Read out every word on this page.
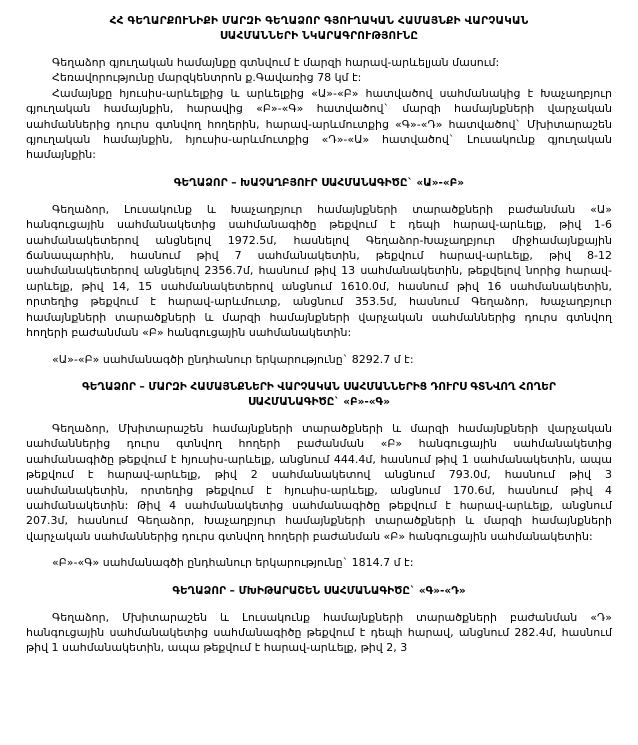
ՀՀ ԳԵՂԱՐՔՈՒՆԻՔԻ ՄԱՐԶԻ ԳԵՂԱՁՈՐ ԳՅՈՒՂԱԿԱՆ ՀԱՄԱՅՆՔԻ ՎԱՐՉԱԿԱՆ
ՍԱՀՄԱՆՆԵՐԻ ՆԿԱՐԱԳՐՈՒԹՅՈՒՆԸ

Գեղաձոր գյուղական համայնքը գտնվում է մարզի հարավ-արևելյան մասում:

Հեռավորությունը մարզկենտրոն ք.Գավառից 78 կմ է:

Համայնքը հյուսիս-արևելքից և արևելքից «Ա»-«Բ» հատվածով սահմանակից է Խաչաղբյուր գյուղական համայնքին, հարավից «Բ»-«Գ» հատվածով` մարզի համայնքների վարչական սահմաններից դուրս գտնվող հողերին, հարավ-արևմուտքից «Գ»-«Դ» հատվածով` Մխիտարաշեն գյուղական համայնքին, հյուսիս-արևմուտքից «Դ»-«Ա» հատվածով` Լուսակունք գյուղական համայնքին:

ԳԵՂԱՁՈՐ – ԽԱՉԱՂԲՅՈՒՐ ՍԱՀՄԱՆԱԳԻԾԸ` «Ա»-«Բ»

Գեղաձոր, Լուսակունք և Խաչաղբյուր համայնքների տարածքների բաժանման «Ա» հանգուցային սահմանակետից սահմանագիծը թեքվում է դեպի հարավ-արևելք, թիվ 1-6 սահմանակետերով անցնելով 1972.5մ, հասնելով Գեղաձոր-Խաչաղբյուր միջհամայնքային ճանապարհին, հասնում թիվ 7 սահմանակետին, թեքվում հարավ-արևելք, թիվ 8-12 սահմանակետերով անցնելով 2356.7մ, հասնում թիվ 13 սահմանակետին, թեքվելով նորից հարավ-արևելք, թիվ 14, 15 սահմանակետերով անցնում 1610.0մ, հասնում թիվ 16 սահմանակետին, որտեղից թեքվում է հարավ-արևմուտք, անցնում 353.5մ, հասնում Գեղաձոր, Խաչաղբյուր համայնքների տարածքների և մարզի համայնքների վարչական սահմաններից դուրս գտնվող հողերի բաժանման «Բ» հանգուցային սահմանակետին:

«Ա»-«Բ» սահմանագծի ընդհանուր երկարությունը` 8292.7 մ է:

ԳԵՂԱՁՈՐ – ՄԱՐԶԻ ՀԱՄԱՅՆՔՆԵՐԻ ՎԱՐՉԱԿԱՆ ՍԱՀՄԱՆՆԵՐԻՑ ԴՈՒՐՍ ԳՏՆՎՈՂ ՀՈՂԵՐ
ՍԱՀՄԱՆԱԳԻԾԸ` «Բ»-«Գ»

Գեղաձոր, Մխիտարաշեն համայնքների տարածքների և մարզի համայնքների վարչական սահմաններից դուրս գտնվող հողերի բաժանման «Բ» հանգուցային սահմանակետից սահմանագիծը թեքվում է հյուսիս-արևելք, անցնում 444.4մ, հասնում թիվ 1 սահմանակետին, ապա թեքվում է հարավ-արևելք, թիվ 2 սահմանակետով անցնում 793.0մ, հասնում թիվ 3 սահմանակետին, որտեղից թեքվում է հյուսիս-արևելք, անցնում 170.6մ, հասնում թիվ 4 սահմանակետին: Թիվ 4 սահմանակետից սահմանագիծը թեքվում է հարավ-արևելք, անցնում 207.3մ, հասնում Գեղաձոր, Խաչաղբյուր համայնքների տարածքների և մարզի համայնքների վարչական սահմաններից դուրս գտնվող հողերի բաժանման «Բ» հանգուցային սահմանակետին:

«Բ»-«Գ» սահմանագծի ընդհանուր երկարությունը` 1814.7 մ է:

ԳԵՂԱՁՈՐ – ՄԽԻԹԱՐԱՇԵՆ ՍԱՀՄԱՆԱԳԻԾԸ` «Գ»-«Դ»

Գեղաձոր, Մխիտարաշեն և Լուսակունք համայնքների տարածքների բաժանման «Դ» հանգուցային սահմանակետից սահմանագիծը թեքվում է դեպի հարավ, անցնում 282.4մ, հասնում թիվ 1 սահմանակետին, ապա թեքվում է հարավ-արևելք, թիվ 2, 3
